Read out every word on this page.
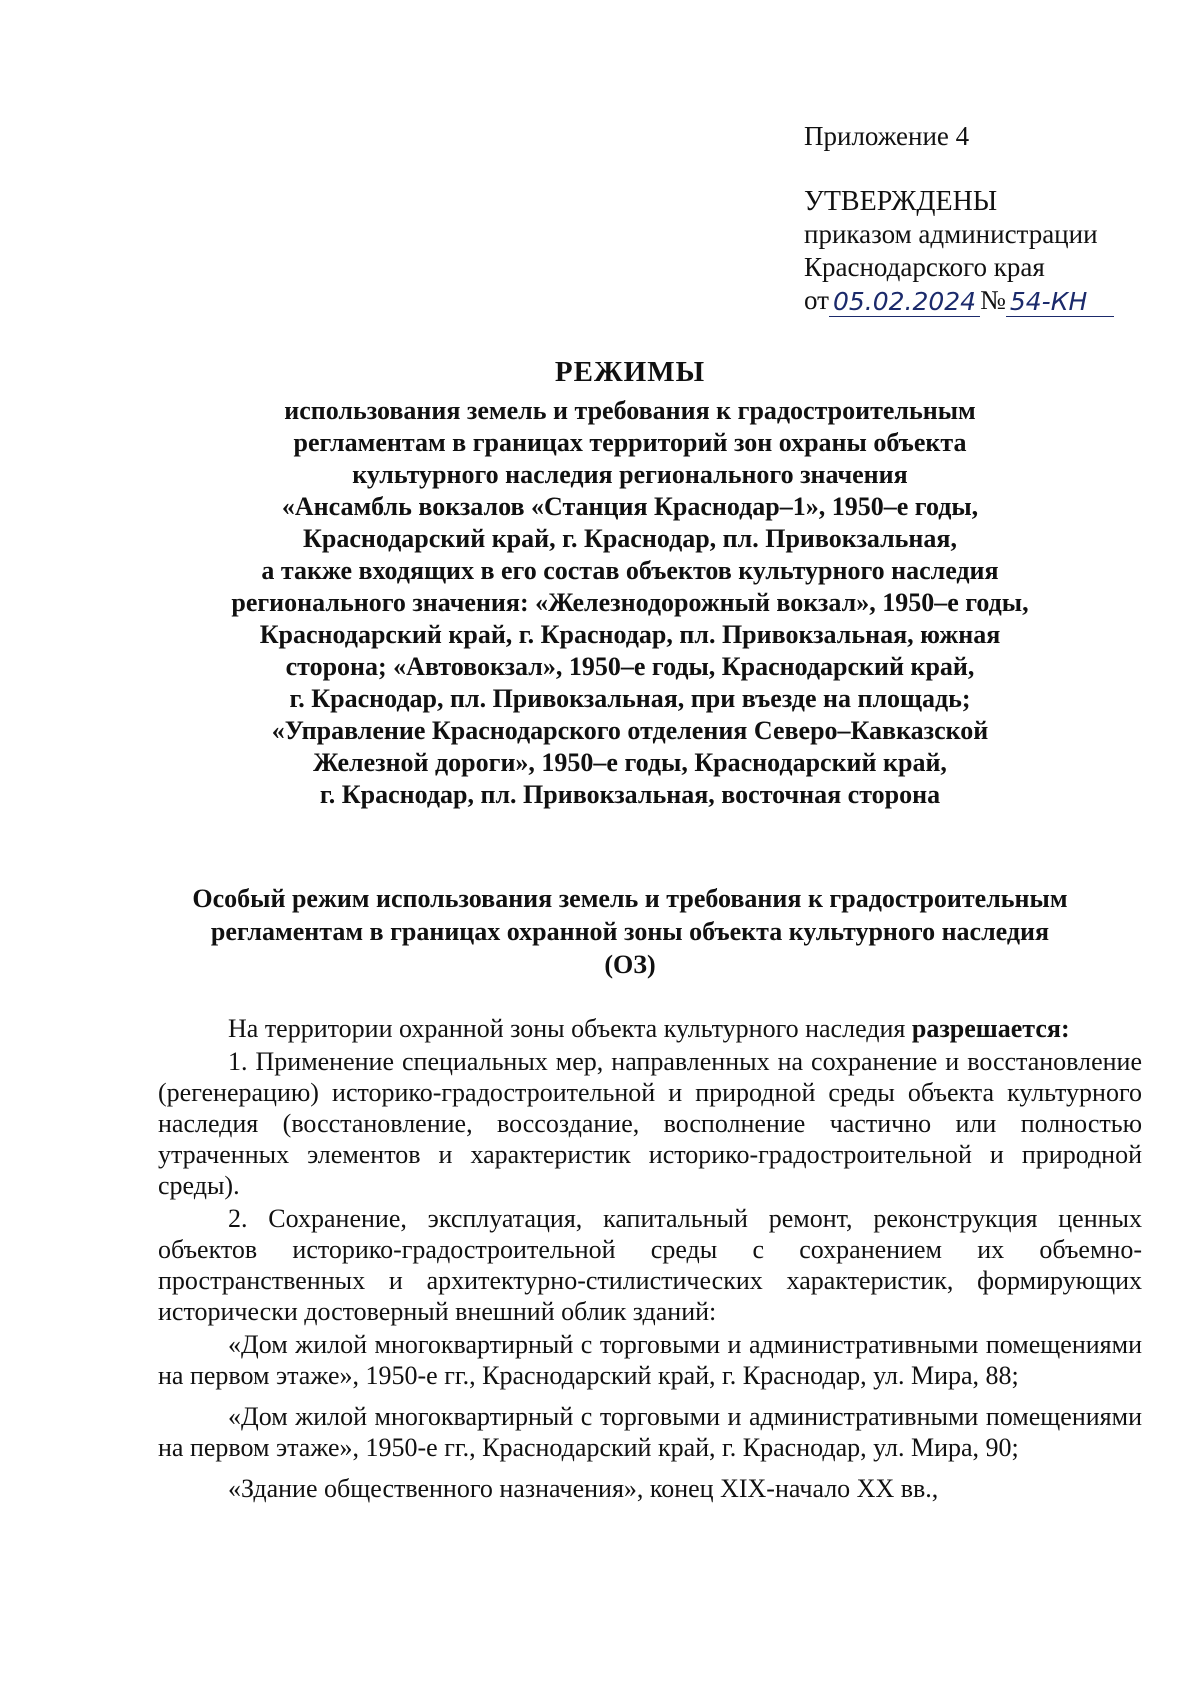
Приложение 4

УТВЕРЖДЕНЫ

приказом администрации

Краснодарского края

от 05.02.2024 № 54-КН

РЕЖИМЫ

использования земель и требования к градостроительным
регламентам в границах территорий зон охраны объекта
культурного наследия регионального значения
«Ансамбль вокзалов «Станция Краснодар–1», 1950–е годы,
Краснодарский край, г. Краснодар, пл. Привокзальная,
а также входящих в его состав объектов культурного наследия
регионального значения: «Железнодорожный вокзал», 1950–е годы,
Краснодарский край, г. Краснодар, пл. Привокзальная, южная
сторона; «Автовокзал», 1950–е годы, Краснодарский край,
г. Краснодар, пл. Привокзальная, при въезде на площадь;
«Управление Краснодарского отделения Северо–Кавказской
Железной дороги», 1950–е годы, Краснодарский край,
г. Краснодар, пл. Привокзальная, восточная сторона
Особый режим использования земель и требования к градостроительным
регламентам в границах охранной зоны объекта культурного наследия
(ОЗ)

На территории охранной зоны объекта культурного наследия разрешается:

1. Применение специальных мер, направленных на сохранение и восстановление (регенерацию) историко-градостроительной и природной среды объекта культурного наследия (восстановление, воссоздание, восполнение частично или полностью утраченных элементов и характеристик историко-градостроительной и природной среды).

2. Сохранение, эксплуатация, капитальный ремонт, реконструкция ценных объектов историко-градостроительной среды с сохранением их объемно-пространственных и архитектурно-стилистических характеристик, формирующих исторически достоверный внешний облик зданий:

«Дом жилой многоквартирный с торговыми и административными помещениями на первом этаже», 1950-е гг., Краснодарский край, г. Краснодар, ул. Мира, 88;

«Дом жилой многоквартирный с торговыми и административными помещениями на первом этаже», 1950-е гг., Краснодарский край, г. Краснодар, ул. Мира, 90;

«Здание общественного назначения», конец XIX-начало XX вв.,
